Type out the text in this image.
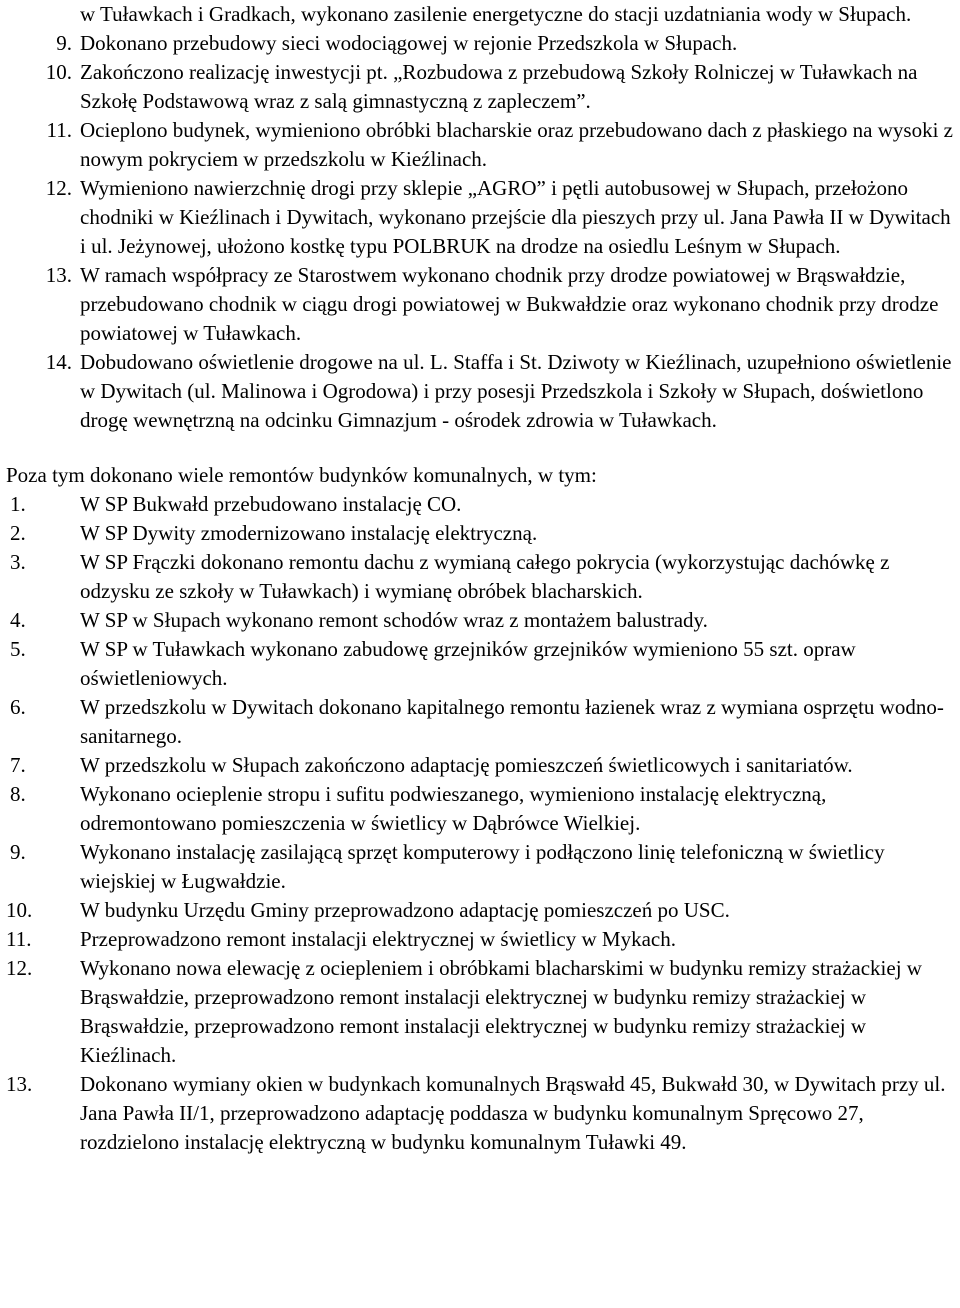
w Tuławkach i Gradkach, wykonano zasilenie energetyczne do stacji uzdatniania wody w Słupach.

9. Dokonano przebudowy sieci wodociągowej w rejonie Przedszkola w Słupach.
10. Zakończono realizację inwestycji pt. „Rozbudowa z przebudową Szkoły Rolniczej w Tuławkach na Szkołę Podstawową wraz z salą gimnastyczną z zapleczem”.
11. Ocieplono budynek, wymieniono obróbki blacharskie oraz przebudowano dach z płaskiego na wysoki z nowym pokryciem w przedszkolu w Kieźlinach.
12. Wymieniono nawierzchnię drogi przy sklepie „AGRO” i pętli autobusowej w Słupach, przełożono chodniki w Kieźlinach i Dywitach, wykonano przejście dla pieszych przy ul. Jana Pawła II w Dywitach i ul. Jeżynowej, ułożono kostkę typu POLBRUK na drodze na osiedlu Leśnym w Słupach.
13. W ramach współpracy ze Starostwem wykonano chodnik przy drodze powiatowej w Brąswałdzie, przebudowano chodnik w ciągu drogi powiatowej w Bukwałdzie oraz wykonano chodnik przy drodze powiatowej w Tuławkach.
14. Dobudowano oświetlenie drogowe na ul. L. Staffa i St. Dziwoty w Kieźlinach, uzupełniono oświetlenie w Dywitach (ul. Malinowa i Ogrodowa) i przy posesji Przedszkola i Szkoły w Słupach, doświetlono drogę wewnętrzną na odcinku Gimnazjum - ośrodek zdrowia w Tuławkach.

Poza tym dokonano wiele remontów budynków komunalnych, w tym:

1.	W SP Bukwałd przebudowano instalację CO.
2.	W SP Dywity zmodernizowano instalację elektryczną.
3.	W SP Frączki dokonano remontu dachu z wymianą całego pokrycia (wykorzystując dachówkę z odzysku ze szkoły w Tuławkach) i wymianę obróbek blacharskich.
4.	W SP w Słupach wykonano remont schodów wraz z montażem balustrady.
5.	W SP w Tuławkach wykonano zabudowę grzejników grzejników wymieniono 55 szt. opraw oświetleniowych.
6.	W przedszkolu w Dywitach dokonano kapitalnego remontu łazienek wraz z wymiana osprzętu wodno-sanitarnego.
7.	W przedszkolu w Słupach zakończono adaptację pomieszczeń świetlicowych i sanitariatów.
8.	Wykonano ocieplenie stropu i sufitu podwieszanego, wymieniono instalację elektryczną, odremontowano pomieszczenia w świetlicy w Dąbrówce Wielkiej.
9.	Wykonano instalację zasilającą sprzęt komputerowy i podłączono linię telefoniczną w świetlicy wiejskiej w Ługwałdzie.
10.	W budynku Urzędu Gminy przeprowadzono adaptację pomieszczeń po USC.
11.	Przeprowadzono remont instalacji elektrycznej w świetlicy w Mykach.
12.	Wykonano nowa elewację z ociepleniem i obróbkami blacharskimi w budynku remizy strażackiej w Brąswałdzie, przeprowadzono remont instalacji elektrycznej w budynku remizy strażackiej w Brąswałdzie, przeprowadzono remont instalacji elektrycznej w budynku remizy strażackiej w Kieźlinach.
13.	Dokonano wymiany okien w budynkach komunalnych Brąswałd 45, Bukwałd 30, w Dywitach przy ul. Jana Pawła II/1, przeprowadzono adaptację poddasza w budynku komunalnym Spręcowo 27, rozdzielono instalację elektryczną w budynku komunalnym Tuławki 49.
